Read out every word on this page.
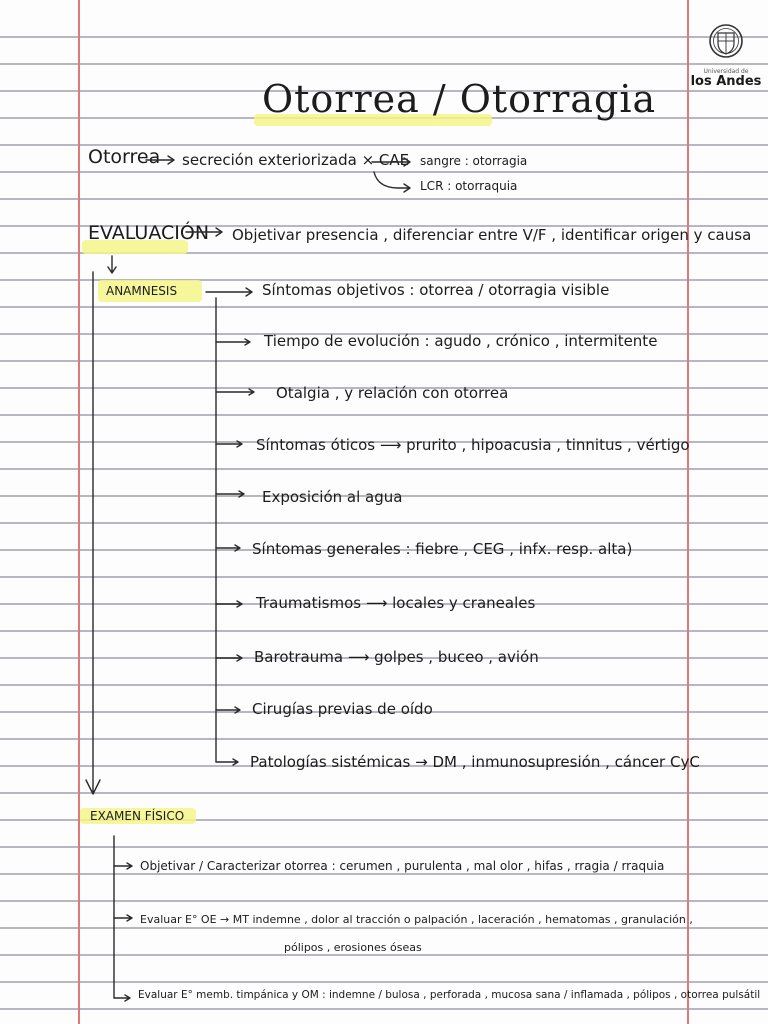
Universidad de
los Andes
Otorrea / Otorragia
Otorrea secreción exteriorizada × CAE sangre : otorragia
LCR : otorraquia
EVALUACIÓN Objetivar presencia , diferenciar entre V/F , identificar origen y causa
ANAMNESIS	Síntomas objetivos : otorrea / otorragia visible
Tiempo de evolución : agudo , crónico , intermitente
Otalgia , y relación con otorrea
Síntomas óticos ⟶ prurito , hipoacusia , tinnitus , vértigo
Exposición al agua
Síntomas generales : fiebre , CEG , infx. resp. alta)
Traumatismos ⟶ locales y craneales
Barotrauma ⟶ golpes , buceo , avión
Cirugías previas de oído
Patologías sistémicas → DM , inmunosupresión , cáncer CyC
EXAMEN FÍSICO
Objetivar / Caracterizar otorrea : cerumen , purulenta , mal olor , hifas , rragia / rraquia
Evaluar E° OE → MT indemne , dolor al tracción o palpación , laceración , hematomas , granulación ,
pólipos , erosiones óseas
Evaluar E° memb. timpánica y OM : indemne / bulosa , perforada , mucosa sana / inflamada , pólipos , otorrea pulsátil
